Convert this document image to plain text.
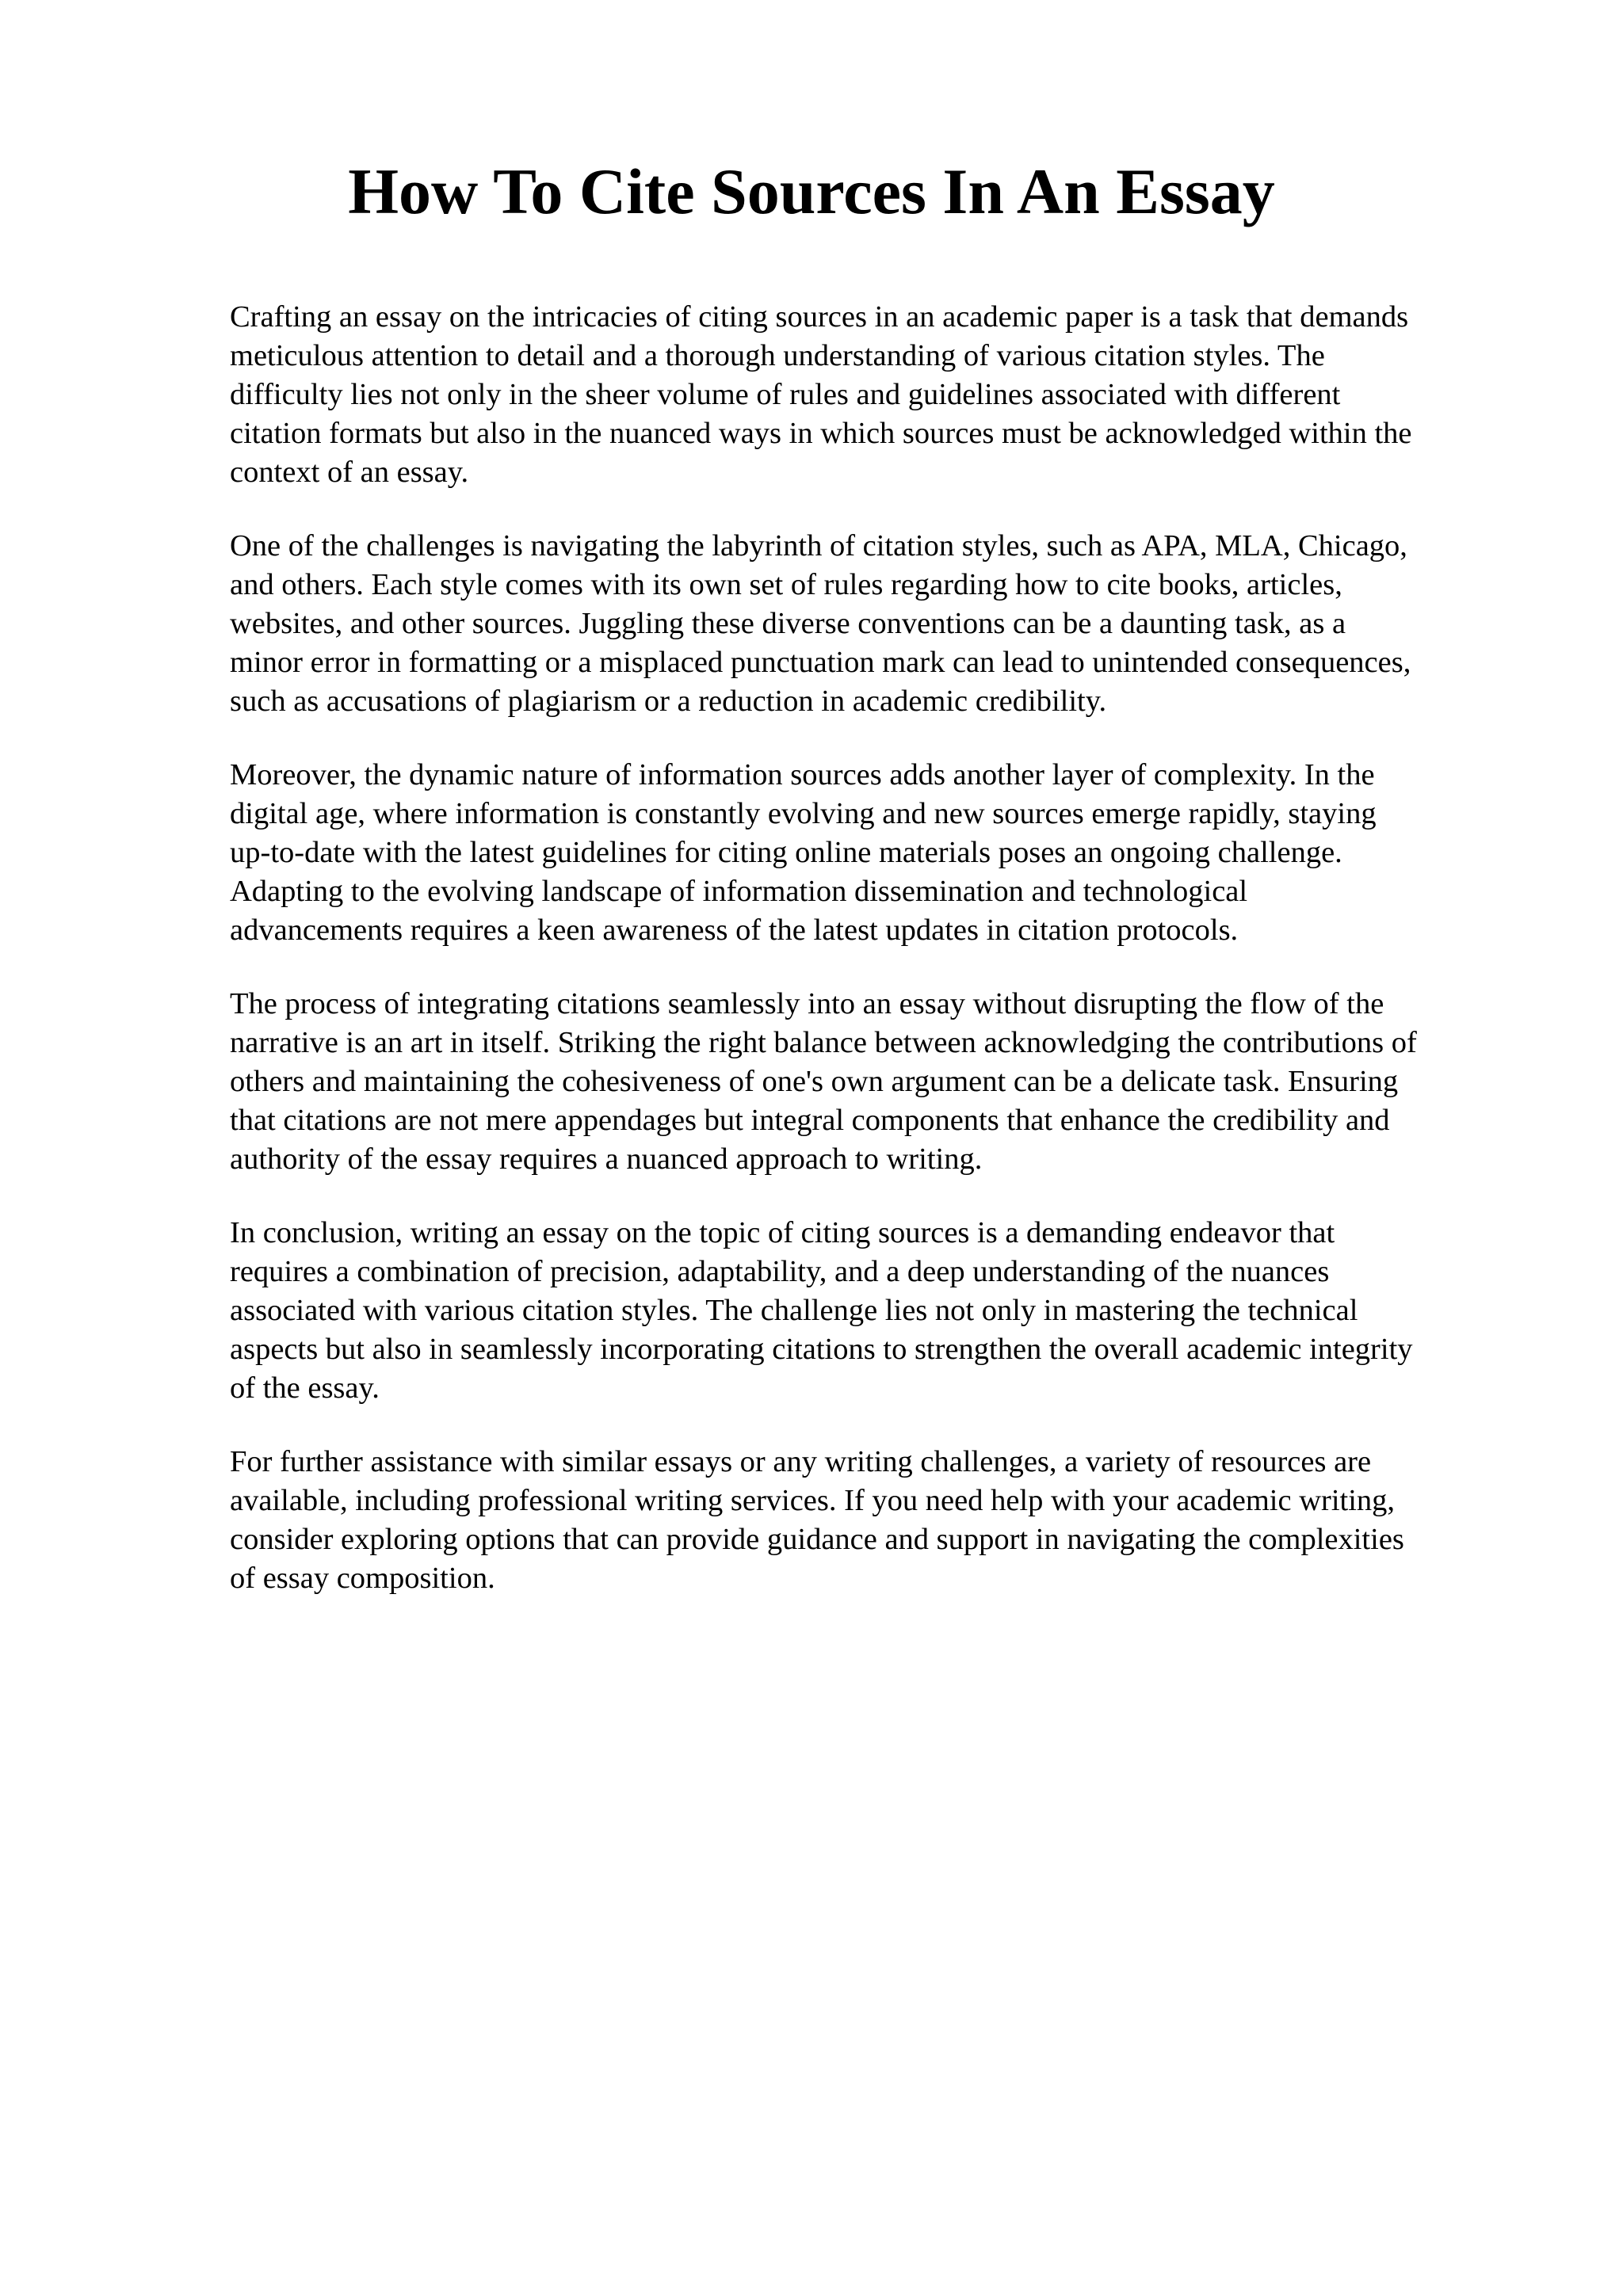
How To Cite Sources In An Essay

Crafting an essay on the intricacies of citing sources in an academic paper is a task that demands
meticulous attention to detail and a thorough understanding of various citation styles. The
difficulty lies not only in the sheer volume of rules and guidelines associated with different
citation formats but also in the nuanced ways in which sources must be acknowledged within the
context of an essay.

One of the challenges is navigating the labyrinth of citation styles, such as APA, MLA, Chicago,
and others. Each style comes with its own set of rules regarding how to cite books, articles,
websites, and other sources. Juggling these diverse conventions can be a daunting task, as a
minor error in formatting or a misplaced punctuation mark can lead to unintended consequences,
such as accusations of plagiarism or a reduction in academic credibility.

Moreover, the dynamic nature of information sources adds another layer of complexity. In the
digital age, where information is constantly evolving and new sources emerge rapidly, staying
up-to-date with the latest guidelines for citing online materials poses an ongoing challenge.
Adapting to the evolving landscape of information dissemination and technological
advancements requires a keen awareness of the latest updates in citation protocols.

The process of integrating citations seamlessly into an essay without disrupting the flow of the
narrative is an art in itself. Striking the right balance between acknowledging the contributions of
others and maintaining the cohesiveness of one's own argument can be a delicate task. Ensuring
that citations are not mere appendages but integral components that enhance the credibility and
authority of the essay requires a nuanced approach to writing.

In conclusion, writing an essay on the topic of citing sources is a demanding endeavor that
requires a combination of precision, adaptability, and a deep understanding of the nuances
associated with various citation styles. The challenge lies not only in mastering the technical
aspects but also in seamlessly incorporating citations to strengthen the overall academic integrity
of the essay.

For further assistance with similar essays or any writing challenges, a variety of resources are
available, including professional writing services. If you need help with your academic writing,
consider exploring options that can provide guidance and support in navigating the complexities
of essay composition.
